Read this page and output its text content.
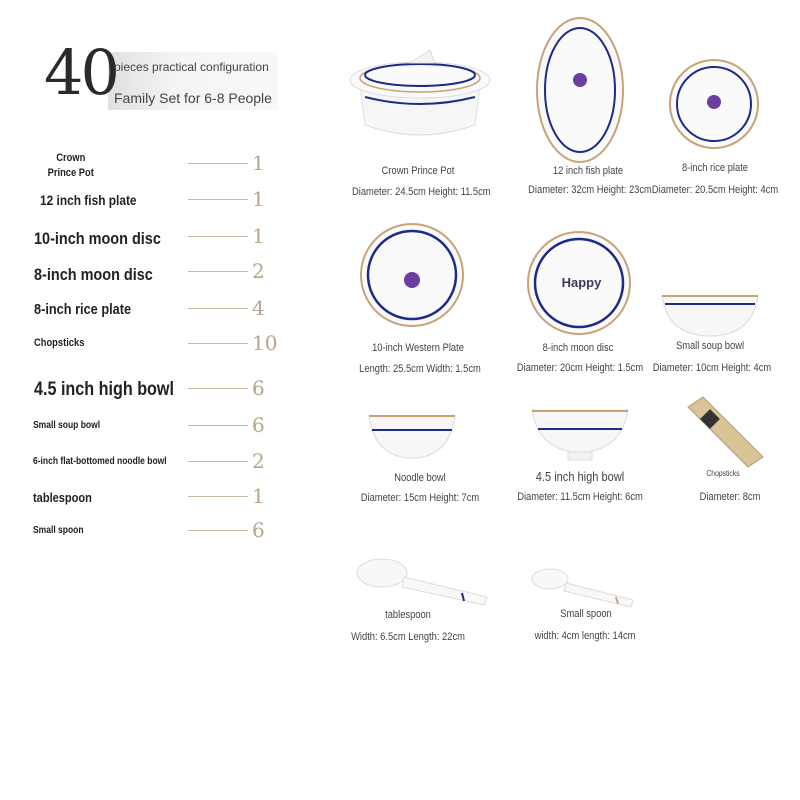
40
pieces practical configuration
Family Set for 6-8 People
Crown Prince Pot	1
12 inch fish plate	1
10-inch moon disc	1
8-inch moon disc	2
8-inch rice plate	4
Chopsticks	10
4.5 inch high bowl	6
Small soup bowl	6
6-inch flat-bottomed noodle bowl	2
tablespoon	1
Small spoon	6
Happy
Crown Prince Pot
Diameter: 24.5cm Height: 11.5cm
12 inch fish plate
Diameter: 32cm Height: 23cm
8-inch rice plate
Diameter: 20.5cm Height: 4cm
10-inch Western Plate
Length: 25.5cm Width: 1.5cm
8-inch moon disc
Diameter: 20cm Height: 1.5cm
Small soup bowl
Diameter: 10cm Height: 4cm
Noodle bowl
Diameter: 15cm Height: 7cm
4.5 inch high bowl
Diameter: 11.5cm Height: 6cm
Chopsticks
Diameter: 8cm
tablespoon
Width: 6.5cm Length: 22cm
Small spoon
width: 4cm length: 14cm
